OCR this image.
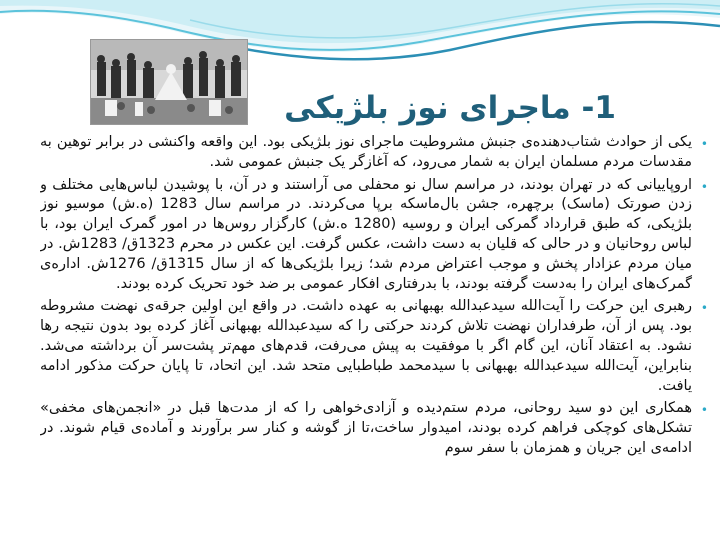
1- ماجرای نوز بلژیکی
•
یکی از حوادث شتاب‌دهنده‌ی جنبش مشروطیت ماجرای نوز بلژیکی بود. این واقعه واکنشی در برابر توهین به مقدسات مردم مسلمان ایران به شمار می‌رود، که آغازگر یک جنبش عمومی شد.
•
اروپاییانی که در تهران بودند، در مراسم سال نو محفلی می آراستند و در آن، با پوشیدن لباس‌هایی مختلف و زدن صورتک (ماسک) برچهره، جشن بال‌ماسکه برپا می‌کردند. در مراسم سال 1283 (ه.ش) موسیو نوز بلژیکی، که طبق قرارداد گمرکی ایران و روسیه (1280 ه.ش) کارگزار روس‌ها در امور گمرک ایران بود، با لباس روحانیان و در حالی که قلیان به دست داشت، عکس گرفت. این عکس در محرم 1323ق/ 1283ش. در میان مردم عزادار پخش و موجب اعتراض مردم شد؛ زیرا بلژیکی‌ها که از سال 1315ق/ 1276ش. اداره‌ی گمرک‌های ایران را به‌دست گرفته بودند، با بدرفتاری افکار عمومی بر ضد خود تحریک کرده بودند.
•
رهبری این حرکت را آیت‌الله سیدعبدالله بهبهانی به عهده داشت. در واقع این اولین جرقه‌ی نهضت مشروطه بود. پس از آن، طرفداران نهضت تلاش کردند حرکتی را که سیدعبدالله بهبهانی آغاز کرده بود بدون نتیجه رها نشود. به اعتقاد آنان، این گام اگر با موفقیت به پیش می‌رفت، قدم‌های مهم‌تر پشت‌سر آن برداشته می‌شد. بنابراین، آیت‌الله سیدعبدالله بهبهانی با سیدمحمد طباطبایی متحد شد. این اتحاد، تا پایان حرکت مذکور ادامه یافت.
•
همکاری این دو سید روحانی، مردم ستم‌دیده و آزادی‌خواهی را که از مدت‌ها قبل در «انجمن‌های مخفی» تشکل‌های کوچکی فراهم کرده بودند، امیدوار ساخت،تا از گوشه و کنار سر برآورند و آماده‌ی قیام شوند. در ادامه‌ی این جریان و همزمان با سفر سوم
